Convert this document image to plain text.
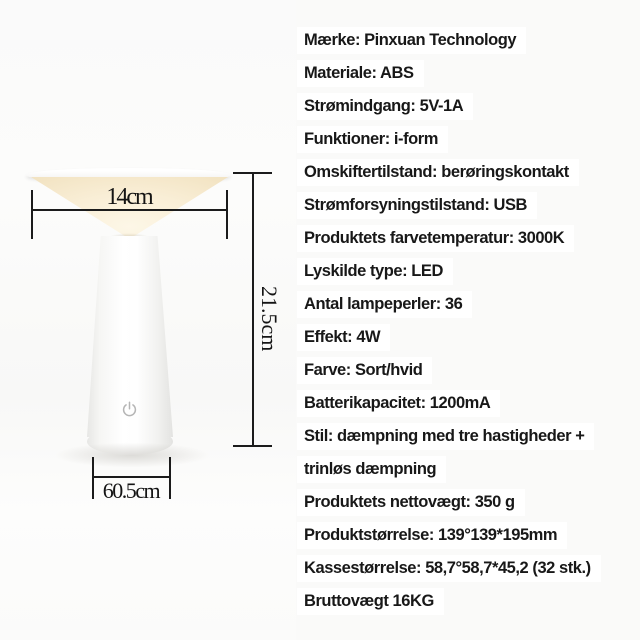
14cm
21.5cm
60.5cm
Mærke: Pinxuan Technology
Materiale: ABS
Strømindgang: 5V-1A
Funktioner: i-form
Omskiftertilstand: berøringskontakt
Strømforsyningstilstand: USB
Produktets farvetemperatur: 3000K
Lyskilde type: LED
Antal lampeperler: 36
Effekt: 4W
Farve: Sort/hvid
Batterikapacitet: 1200mA
Stil: dæmpning med tre hastigheder +
trinløs dæmpning
Produktets nettovægt: 350 g
Produktstørrelse: 139°139*195mm
Kassestørrelse: 58,7°58,7*45,2 (32 stk.)
Bruttovægt 16KG
